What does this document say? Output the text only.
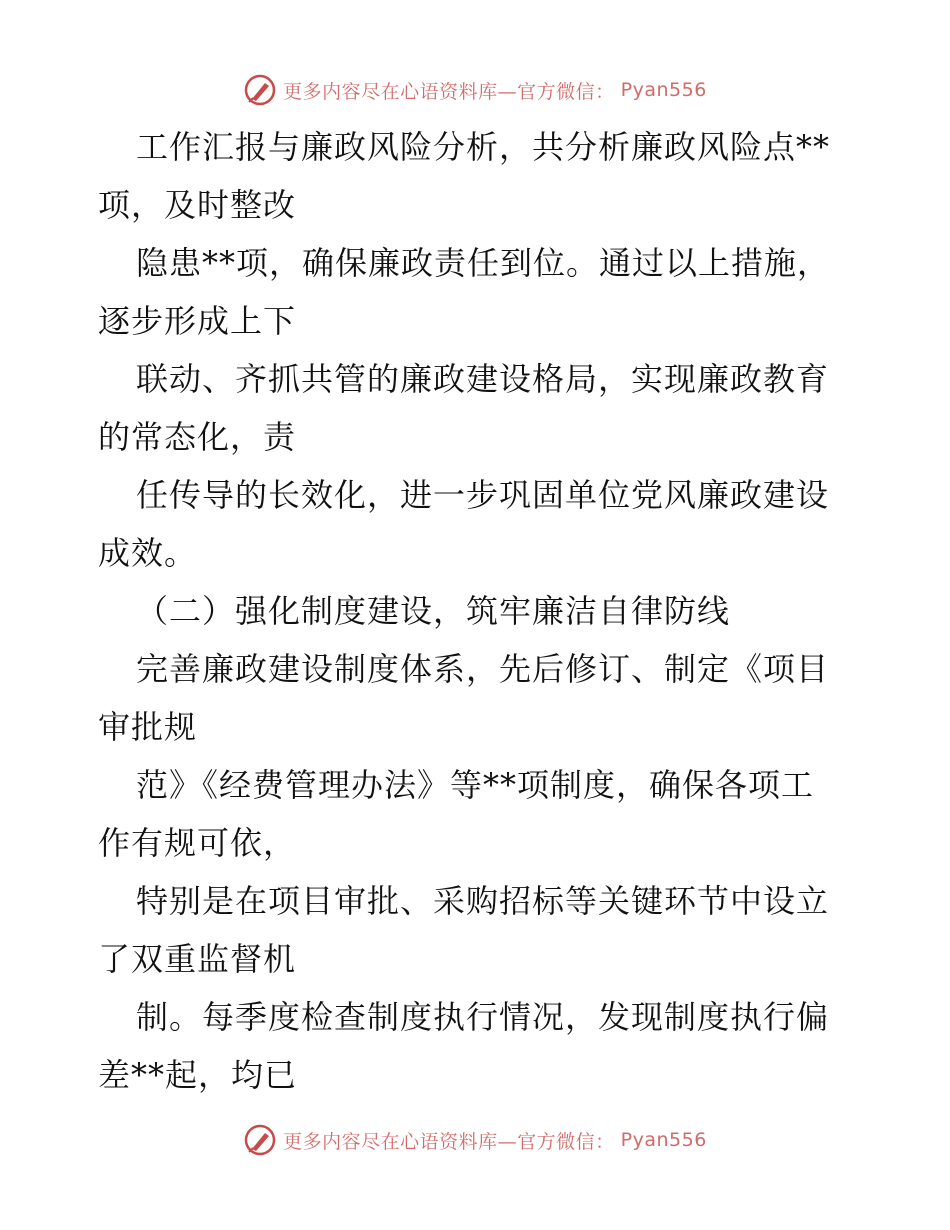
更多内容尽在心语资料库—官方微信： Pyan556
工作汇报与廉政风险分析，共分析廉政风险点**
项，及时整改
隐患**项，确保廉政责任到位。通过以上措施，
逐步形成上下
联动、齐抓共管的廉政建设格局，实现廉政教育
的常态化，责
任传导的长效化，进一步巩固单位党风廉政建设
成效。
（二）强化制度建设，筑牢廉洁自律防线
完善廉政建设制度体系，先后修订、制定《项目
审批规
范》《经费管理办法》等**项制度，确保各项工
作有规可依，
特别是在项目审批、采购招标等关键环节中设立
了双重监督机
制。每季度检查制度执行情况，发现制度执行偏
差**起，均已
更多内容尽在心语资料库—官方微信： Pyan556
